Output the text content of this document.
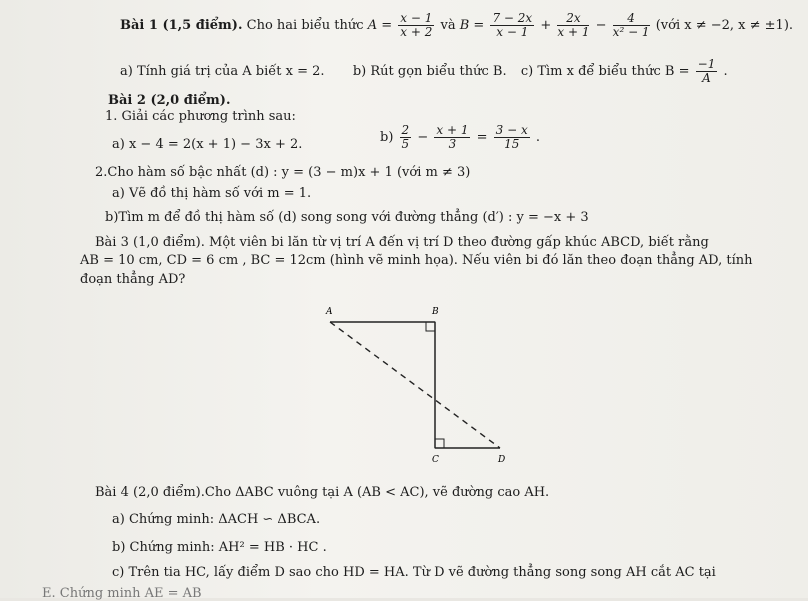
Bài 1 (1,5 điểm). Cho hai biểu thức $A = \frac{x - 1}{x + 2}$ và $B = \frac{7 - 2x}{x - 1} + \frac{2x}{x + 1} - \frac{4}{\text{x² − 1}}$ (với x ≠ −2, x ≠ ±1).
a) Tính giá trị của A biết x = 2. b) Rút gọn biểu thức B. c) Tìm x để biểu thức $B = \frac{-1}{A}$ .
Bài 2 (2,0 điểm).
1. Giải các phương trình sau:
a) x − 4 = 2(x + 1) − 3x + 2.	$b) \frac{2}{5} - \frac{x + 1}{3} = \frac{3 - x}{15}$ .
2.Cho hàm số bậc nhất (d) : y = (3 − m)x + 1 (với m ≠ 3)
a) Vẽ đồ thị hàm số với m = 1.
b)Tìm m để đồ thị hàm số (d) song song với đường thẳng (d′) : y = −x + 3
Bài 3 (1,0 điểm). Một viên bi lăn từ vị trí A đến vị trí D theo đường gấp khúc ABCD, biết rằng
AB = 10 cm, CD = 6 cm , BC = 12cm (hình vẽ minh họa). Nếu viên bi đó lăn theo đoạn thẳng AD, tính
đoạn thẳng AD?
A	B
C	D
Bài 4 (2,0 điểm).Cho ΔABC vuông tại A (AB < AC), vẽ đường cao AH.
a) Chứng minh: ΔACH ∽ ΔBCA.
b) Chứng minh: AH² = HB · HC .
c) Trên tia HC, lấy điểm D sao cho HD = HA. Từ D vẽ đường thẳng song song AH cắt AC tại
E. Chứng minh AE = AB
